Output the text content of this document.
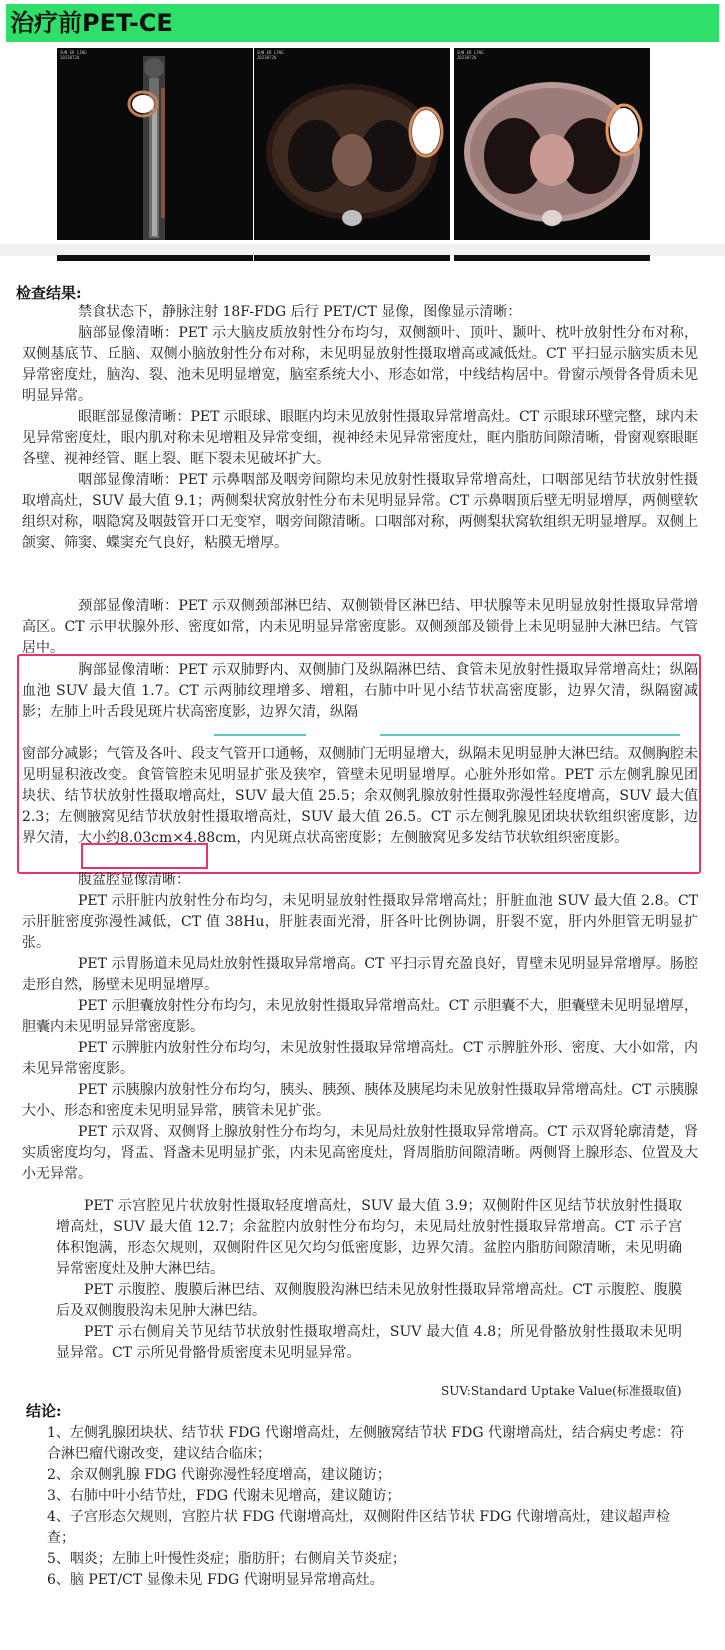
治疗前PET-CE
SUN ER LING
20230728
SUN ER LING
20230728
SUN ER LING
20230728
检查结果:

禁食状态下，静脉注射 18F-FDG 后行 PET/CT 显像，图像显示清晰：

脑部显像清晰：PET 示大脑皮质放射性分布均匀，双侧额叶、顶叶、颞叶、枕叶放射性分布对称，双侧基底节、丘脑、双侧小脑放射性分布对称，未见明显放射性摄取增高或减低灶。CT 平扫显示脑实质未见异常密度灶，脑沟、裂、池未见明显增宽，脑室系统大小、形态如常，中线结构居中。骨窗示颅骨各骨质未见明显异常。

眼眶部显像清晰：PET 示眼球、眼眶内均未见放射性摄取异常增高灶。CT 示眼球环壁完整，球内未见异常密度灶，眼内肌对称未见增粗及异常变细，视神经未见异常密度灶，眶内脂肪间隙清晰，骨窗观察眼眶各壁、视神经管、眶上裂、眶下裂未见破坏扩大。

咽部显像清晰：PET 示鼻咽部及咽旁间隙均未见放射性摄取异常增高灶，口咽部见结节状放射性摄取增高灶，SUV 最大值 9.1；两侧梨状窝放射性分布未见明显异常。CT 示鼻咽顶后壁无明显增厚，两侧壁软组织对称，咽隐窝及咽鼓管开口无变窄，咽旁间隙清晰。口咽部对称，两侧梨状窝软组织无明显增厚。双侧上颌窦、筛窦、蝶窦充气良好，粘膜无增厚。

颈部显像清晰：PET 示双侧颈部淋巴结、双侧锁骨区淋巴结、甲状腺等未见明显放射性摄取异常增高区。CT 示甲状腺外形、密度如常，内未见明显异常密度影。双侧颈部及锁骨上未见明显肿大淋巴结。气管居中。

胸部显像清晰：PET 示双肺野内、双侧肺门及纵隔淋巴结、食管未见放射性摄取异常增高灶；纵隔血池 SUV 最大值 1.7。CT 示两肺纹理增多、增粗，右肺中叶见小结节状高密度影，边界欠清，纵隔窗减影；左肺上叶舌段见斑片状高密度影，边界欠清，纵隔

窗部分减影；气管及各叶、段支气管开口通畅，双侧肺门无明显增大，纵隔未见明显肿大淋巴结。双侧胸腔未见明显积液改变。食管管腔未见明显扩张及狭窄，管壁未见明显增厚。心脏外形如常。PET 示左侧乳腺见团块状、结节状放射性摄取增高灶，SUV 最大值 25.5；余双侧乳腺放射性摄取弥漫性轻度增高，SUV 最大值 2.3；左侧腋窝见结节状放射性摄取增高灶，SUV 最大值 26.5。CT 示左侧乳腺见团块状软组织密度影，边界欠清，大小约8.03cm×4.88cm，内见斑点状高密度影；左侧腋窝见多发结节状软组织密度影。

腹盆腔显像清晰：

PET 示肝脏内放射性分布均匀，未见明显放射性摄取异常增高灶；肝脏血池 SUV 最大值 2.8。CT 示肝脏密度弥漫性减低，CT 值 38Hu，肝脏表面光滑，肝各叶比例协调，肝裂不宽，肝内外胆管无明显扩张。

PET 示胃肠道未见局灶放射性摄取异常增高。CT 平扫示胃充盈良好，胃壁未见明显异常增厚。肠腔走形自然，肠壁未见明显增厚。

PET 示胆囊放射性分布均匀，未见放射性摄取异常增高灶。CT 示胆囊不大，胆囊壁未见明显增厚，胆囊内未见明显异常密度影。

PET 示脾脏内放射性分布均匀，未见放射性摄取异常增高灶。CT 示脾脏外形、密度、大小如常，内未见异常密度影。

PET 示胰腺内放射性分布均匀，胰头、胰颈、胰体及胰尾均未见放射性摄取异常增高灶。CT 示胰腺大小、形态和密度未见明显异常，胰管未见扩张。

PET 示双肾、双侧肾上腺放射性分布均匀，未见局灶放射性摄取异常增高。CT 示双肾轮廓清楚，肾实质密度均匀，肾盂、肾盏未见明显扩张，内未见高密度灶，肾周脂肪间隙清晰。两侧肾上腺形态、位置及大小无异常。

PET 示宫腔见片状放射性摄取轻度增高灶，SUV 最大值 3.9；双侧附件区见结节状放射性摄取增高灶，SUV 最大值 12.7；余盆腔内放射性分布均匀，未见局灶放射性摄取异常增高。CT 示子宫体积饱满，形态欠规则，双侧附件区见欠均匀低密度影，边界欠清。盆腔内脂肪间隙清晰，未见明确异常密度灶及肿大淋巴结。

PET 示腹腔、腹膜后淋巴结、双侧腹股沟淋巴结未见放射性摄取异常增高灶。CT 示腹腔、腹膜后及双侧腹股沟未见肿大淋巴结。

PET 示右侧肩关节见结节状放射性摄取增高灶，SUV 最大值 4.8；所见骨骼放射性摄取未见明显异常。CT 示所见骨骼骨质密度未见明显异常。

SUV:Standard Uptake Value(标准摄取值)
结论:

1、左侧乳腺团块状、结节状 FDG 代谢增高灶，左侧腋窝结节状 FDG 代谢增高灶，结合病史考虑：符合淋巴瘤代谢改变，建议结合临床；

2、余双侧乳腺 FDG 代谢弥漫性轻度增高，建议随访；

3、右肺中叶小结节灶，FDG 代谢未见增高，建议随访；

4、子宫形态欠规则，宫腔片状 FDG 代谢增高灶，双侧附件区结节状 FDG 代谢增高灶，建议超声检查；

5、咽炎；左肺上叶慢性炎症；脂肪肝；右侧肩关节炎症；

6、脑 PET/CT 显像未见 FDG 代谢明显异常增高灶。
